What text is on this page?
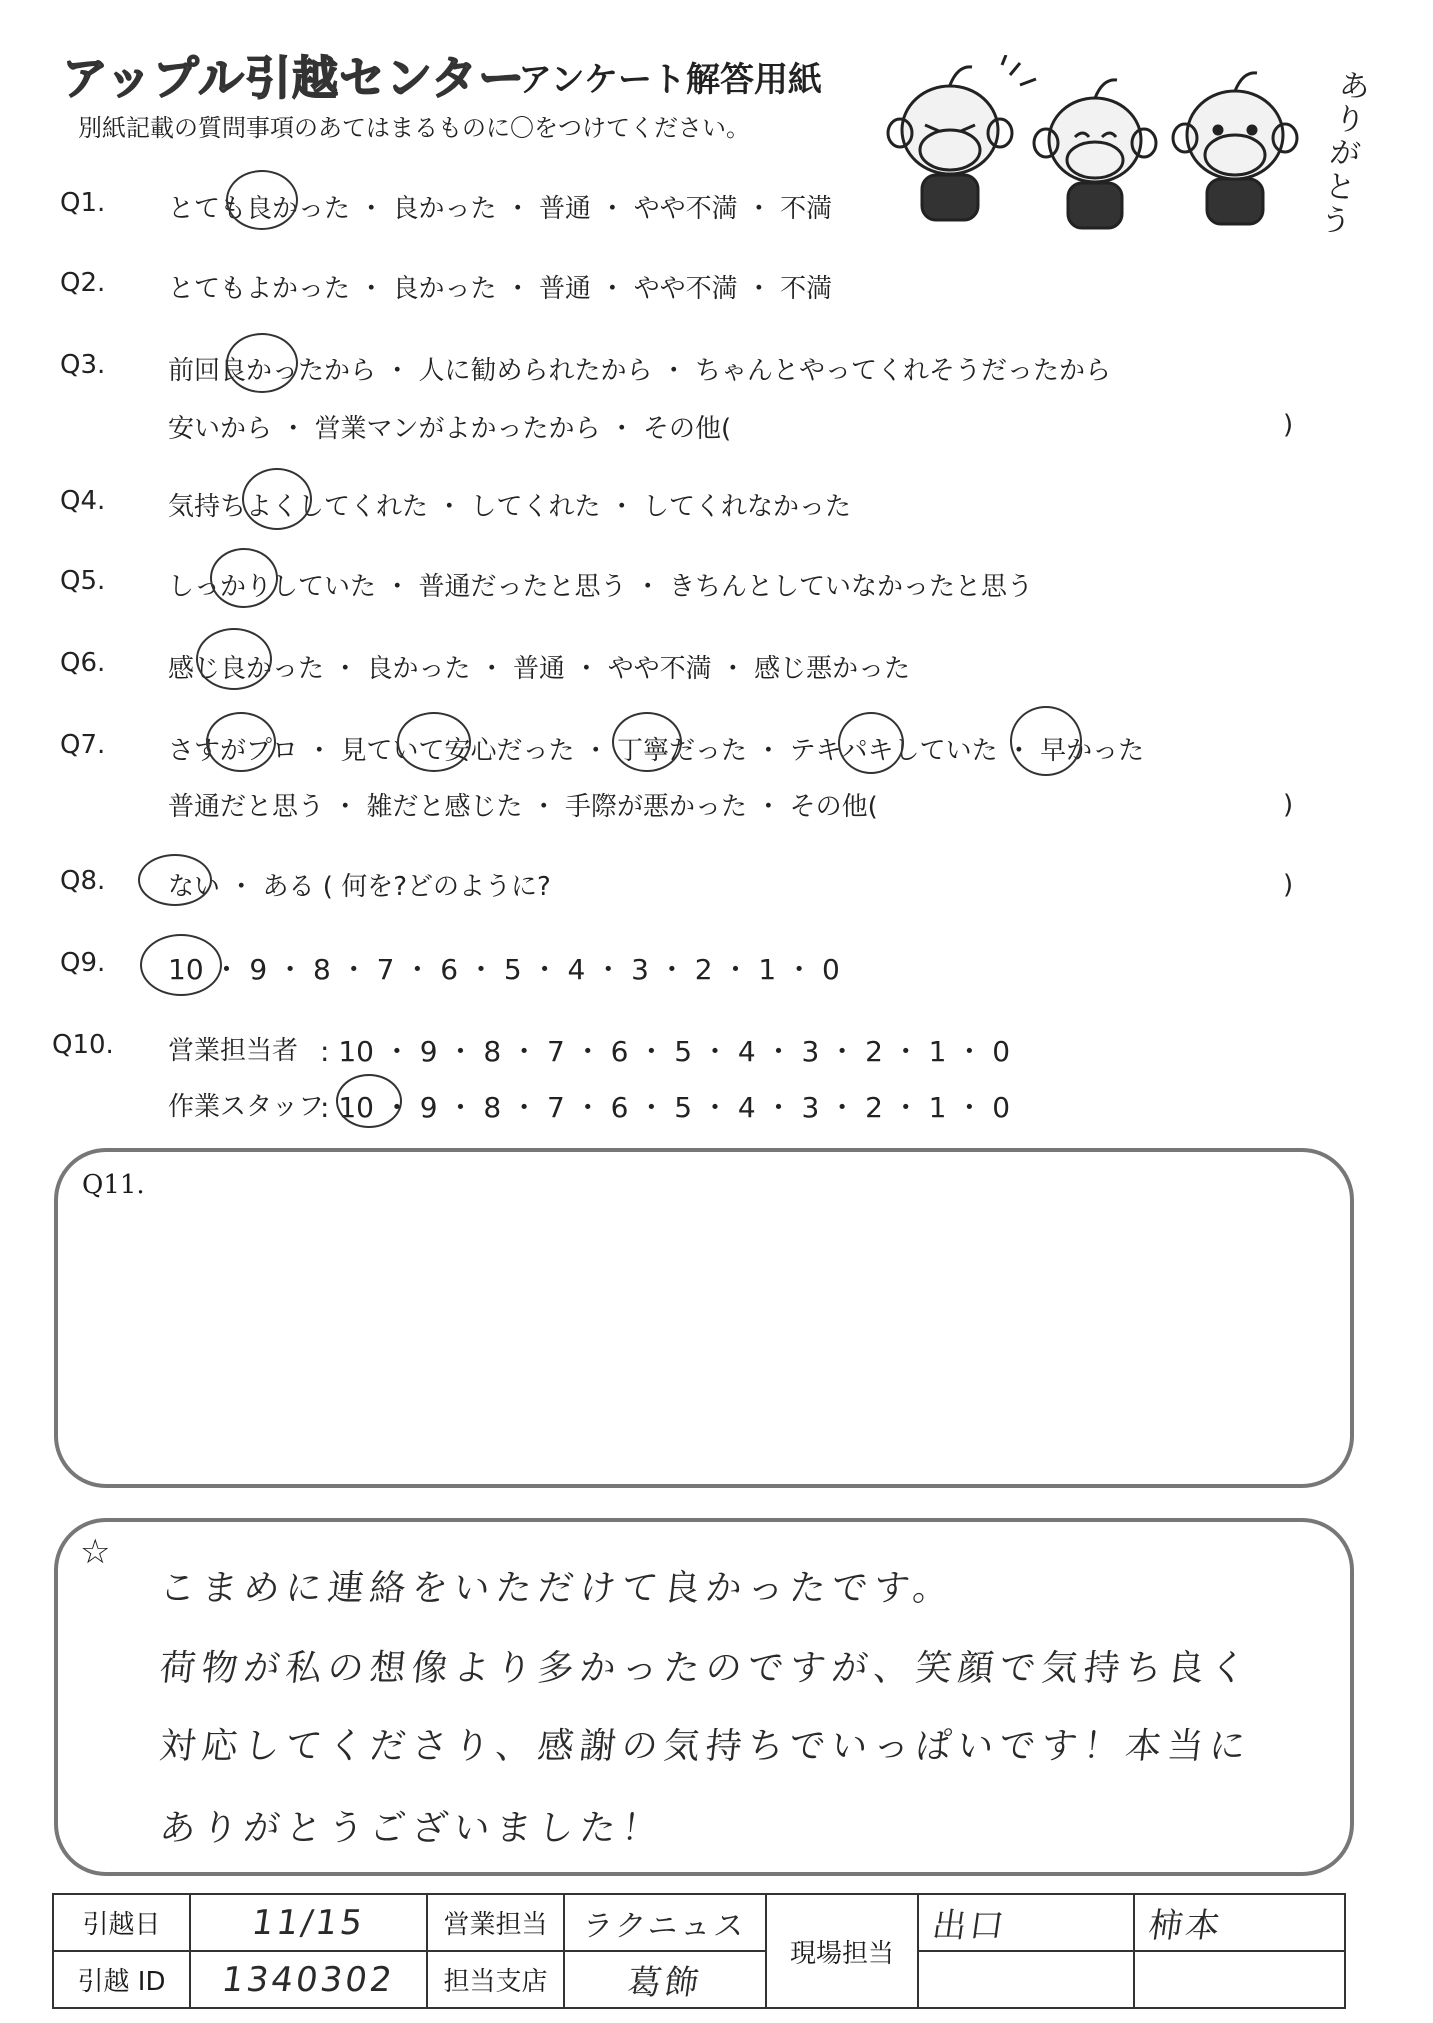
アップル引越センター
アンケート解答用紙
別紙記載の質問事項のあてはまるものに〇をつけてください。
ありがとう
Q1. とても良かった ・ 良かった ・ 普通 ・ やや不満 ・ 不満
Q2. とてもよかった ・ 良かった ・ 普通 ・ やや不満 ・ 不満
Q3. 前回良かったから ・ 人に勧められたから ・ ちゃんとやってくれそうだったから
安いから ・ 営業マンがよかったから ・ その他(	)
Q4. 気持ちよくしてくれた ・ してくれた ・ してくれなかった
Q5. しっかりしていた ・ 普通だったと思う ・ きちんとしていなかったと思う
Q6. 感じ良かった ・ 良かった ・ 普通 ・ やや不満 ・ 感じ悪かった
Q7. さすがプロ ・ 見ていて安心だった ・ 丁寧だった ・ テキパキしていた ・ 早かった
普通だと思う ・ 雑だと感じた ・ 手際が悪かった ・ その他(	)
Q8. ない ・ ある ( 何を?どのように?	)
Q9. 10 ・ 9 ・ 8 ・ 7 ・ 6 ・ 5 ・ 4 ・ 3 ・ 2 ・ 1 ・ 0
Q10. 営業担当者 : 10 ・ 9 ・ 8 ・ 7 ・ 6 ・ 5 ・ 4 ・ 3 ・ 2 ・ 1 ・ 0
作業スタッフ
: 10 ・ 9 ・ 8 ・ 7 ・ 6 ・ 5 ・ 4 ・ 3 ・ 2 ・ 1 ・ 0
Q11.
☆
こまめに連絡をいただけて良かったです。
荷物が私の想像より多かったのですが、笑顔で気持ち良く
対応してくださり、感謝の気持ちでいっぱいです！本当に
ありがとうございました！
引越日	11/15	営業担当	ラクニュス	現場担当	出口	柿本
引越 ID	1340302	担当支店	葛飾			
